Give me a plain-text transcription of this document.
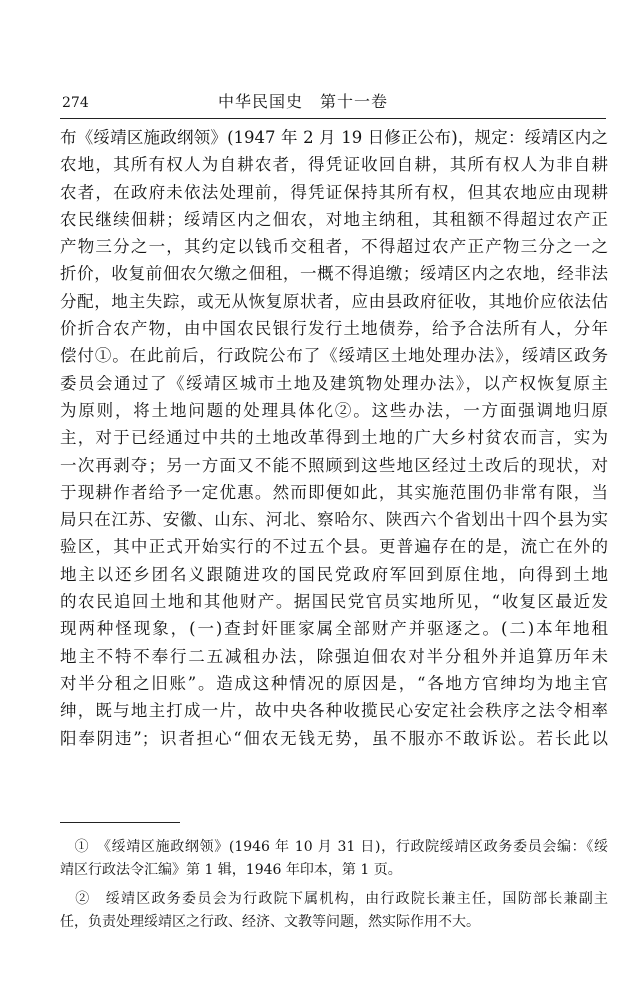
274	中华民国史　第十一卷
布《绥靖区施政纲领》(1947 年 2 月 19 日修正公布)，规定：绥靖区内之
农地，其所有权人为自耕农者，得凭证收回自耕，其所有权人为非自耕
农者，在政府未依法处理前，得凭证保持其所有权，但其农地应由现耕
农民继续佃耕；绥靖区内之佃农，对地主纳租，其租额不得超过农产正
产物三分之一，其约定以钱币交租者，不得超过农产正产物三分之一之
折价，收复前佃农欠缴之佃租，一概不得追缴；绥靖区内之农地，经非法
分配，地主失踪，或无从恢复原状者，应由县政府征收，其地价应依法估
价折合农产物，由中国农民银行发行土地债券，给予合法所有人，分年
偿付①。在此前后，行政院公布了《绥靖区土地处理办法》，绥靖区政务
委员会通过了《绥靖区城市土地及建筑物处理办法》，以产权恢复原主
为原则，将土地问题的处理具体化②。这些办法，一方面强调地归原
主，对于已经通过中共的土地改革得到土地的广大乡村贫农而言，实为
一次再剥夺；另一方面又不能不照顾到这些地区经过土改后的现状，对
于现耕作者给予一定优惠。然而即便如此，其实施范围仍非常有限，当
局只在江苏、安徽、山东、河北、察哈尔、陕西六个省划出十四个县为实
验区，其中正式开始实行的不过五个县。更普遍存在的是，流亡在外的
地主以还乡团名义跟随进攻的国民党政府军回到原住地，向得到土地
的农民追回土地和其他财产。据国民党官员实地所见，“收复区最近发
现两种怪现象，(一)查封奸匪家属全部财产并驱逐之。(二)本年地租
地主不特不奉行二五减租办法，除强迫佃农对半分租外并追算历年未
对半分租之旧账”。造成这种情况的原因是，“各地方官绅均为地主官
绅，既与地主打成一片，故中央各种收揽民心安定社会秩序之法令相率
阳奉阴违”；识者担心“佃农无钱无势，虽不服亦不敢诉讼。若长此以
　①　《绥靖区施政纲领》(1946 年 10 月 31 日)，行政院绥靖区政务委员会编：《绥
靖区行政法令汇编》第 1 辑，1946 年印本，第 1 页。
　②　绥靖区政务委员会为行政院下属机构，由行政院长兼主任，国防部长兼副主
任，负责处理绥靖区之行政、经济、文教等问题，然实际作用不大。
